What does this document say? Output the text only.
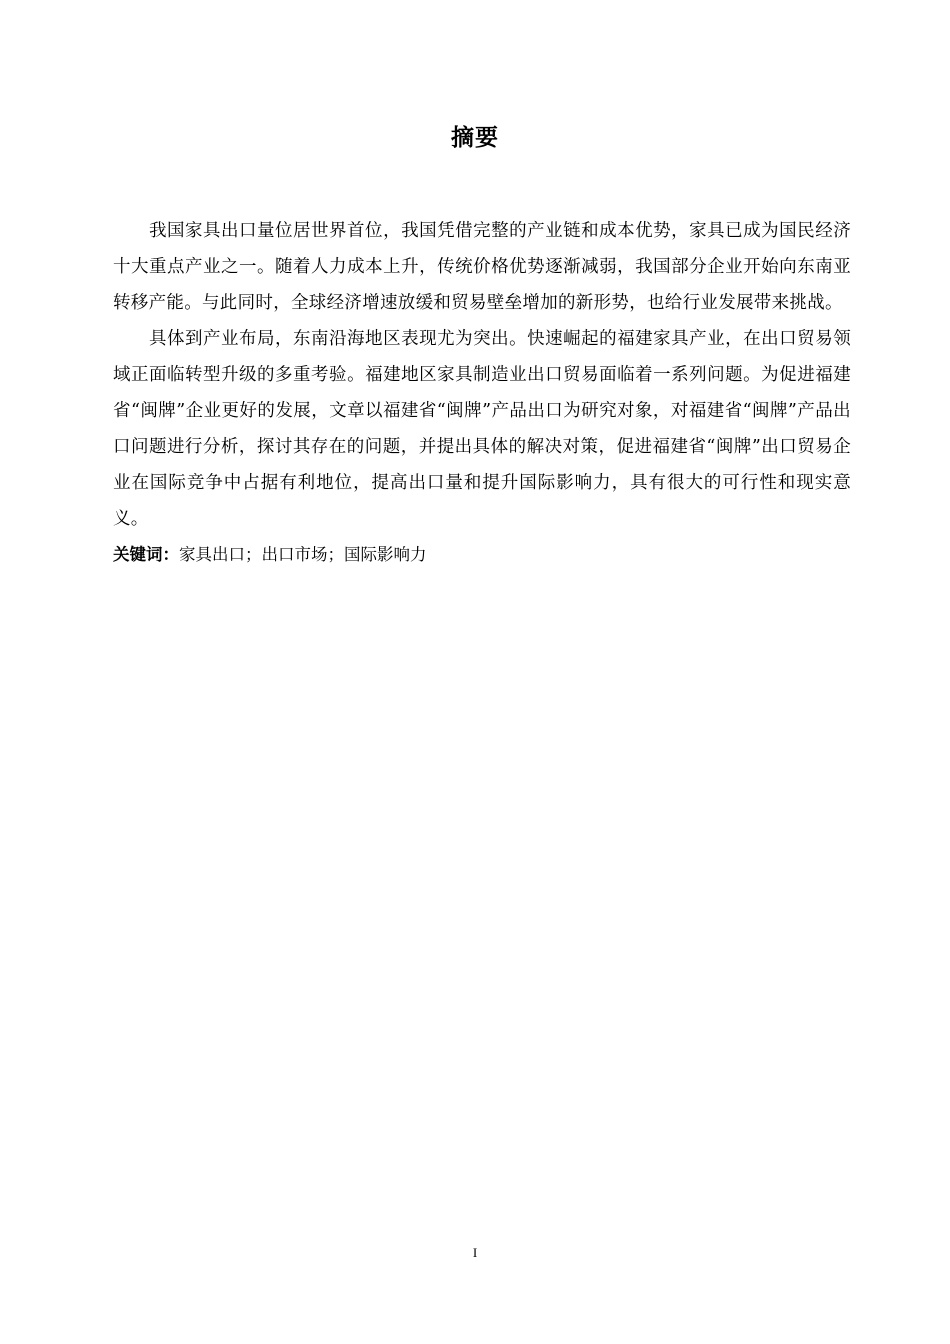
摘要

我国家具出口量位居世界首位，我国凭借完整的产业链和成本优势，家具已成为国民经济十大重点产业之一。随着人力成本上升，传统价格优势逐渐减弱，我国部分企业开始向东南亚转移产能。与此同时，全球经济增速放缓和贸易壁垒增加的新形势，也给行业发展带来挑战。

具体到产业布局，东南沿海地区表现尤为突出。快速崛起的福建家具产业，在出口贸易领域正面临转型升级的多重考验。福建地区家具制造业出口贸易面临着一系列问题。为促进福建省“闽牌”企业更好的发展，文章以福建省“闽牌”产品出口为研究对象，对福建省“闽牌”产品出口问题进行分析，探讨其存在的问题，并提出具体的解决对策，促进福建省“闽牌”出口贸易企业在国际竞争中占据有利地位，提高出口量和提升国际影响力，具有很大的可行性和现实意义。

关键词：家具出口；出口市场；国际影响力

I
